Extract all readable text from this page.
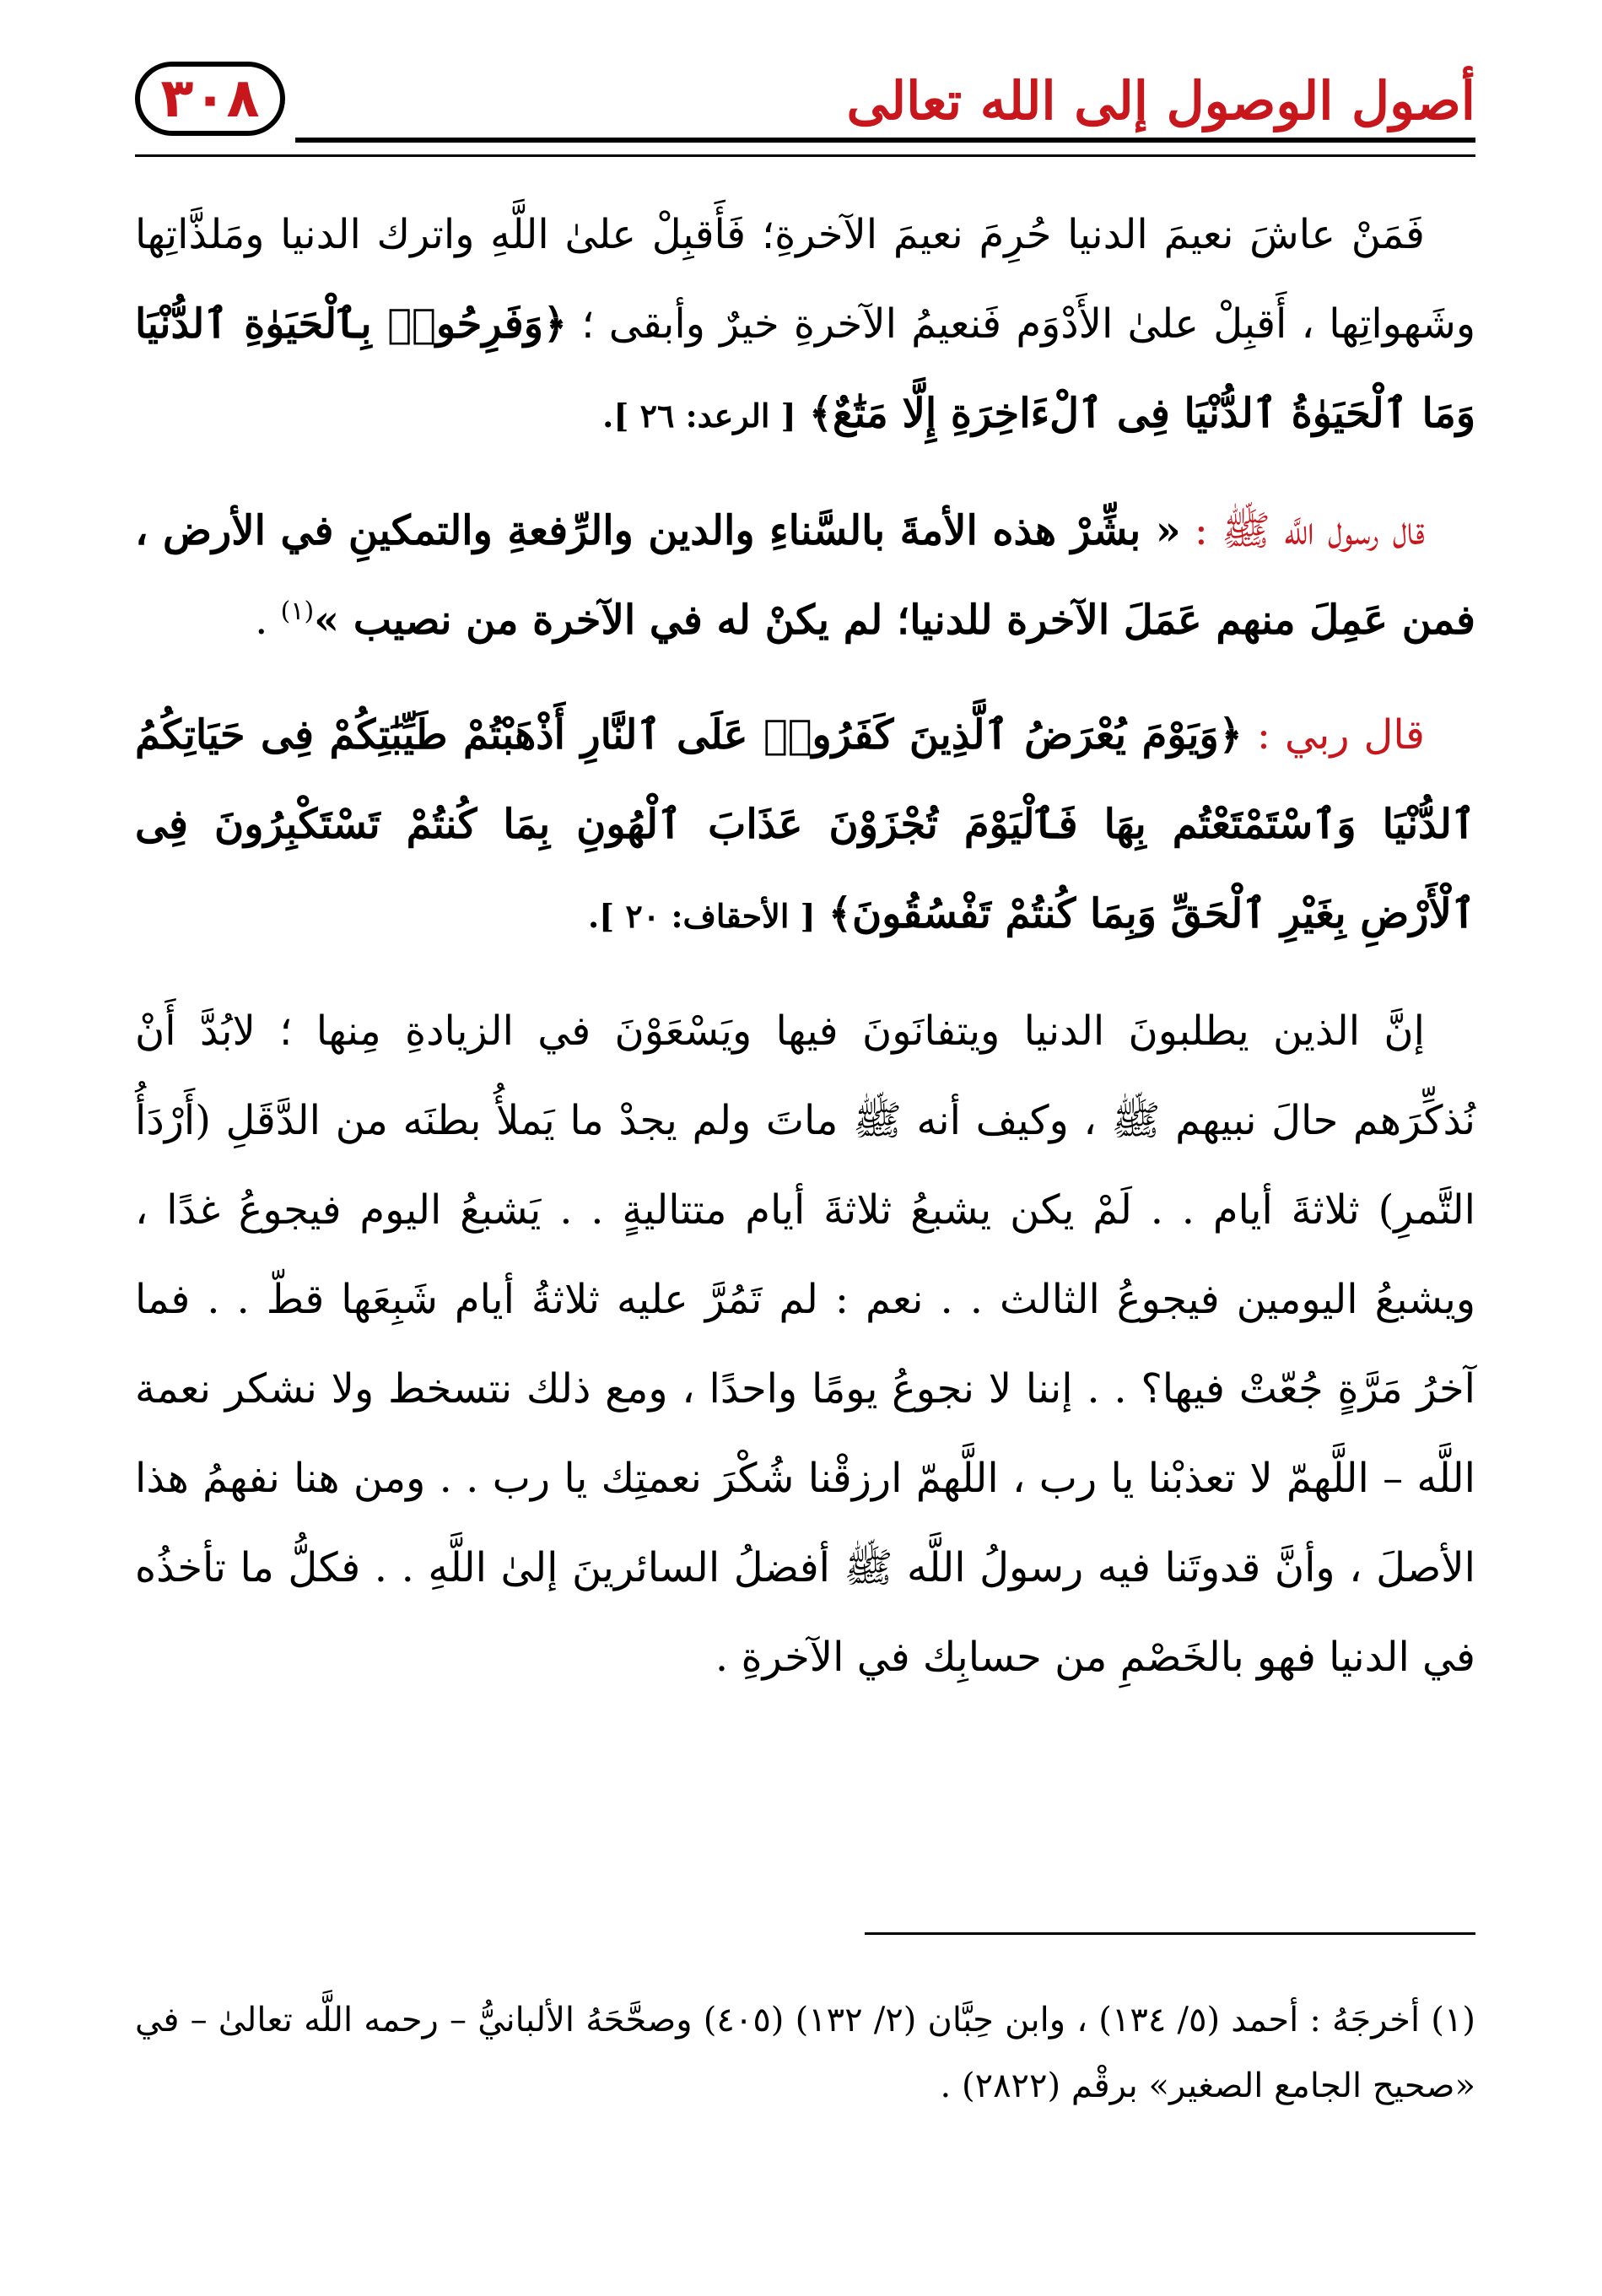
٣٠٨	أصول الوصول إلى الله تعالى

فَمَنْ عاشَ نعيمَ الدنيا حُرِمَ نعيمَ الآخرةِ؛ فَأَقبِلْ علىٰ اللَّهِ واترك الدنيا ومَلذَّاتِها وشَهواتِها ، أَقبِلْ علىٰ الأَدْوَم فَنعيمُ الآخرةِ خيرٌ وأبقى ؛ ﴿وَفَرِحُوا۟ بِٱلْحَيَوٰةِ ٱلدُّنْيَا وَمَا ٱلْحَيَوٰةُ ٱلدُّنْيَا فِى ٱلْءَاخِرَةِ إِلَّا مَتَٰعٌ﴾ [ الرعد: ٢٦ ].

قال رسول اللَّه ﷺ : « بشِّرْ هذه الأمةَ بالسَّناءِ والدين والرِّفعةِ والتمكينِ في الأرض ، فمن عَمِلَ منهم عَمَلَ الآخرة للدنيا؛ لم يكنْ له في الآخرة من نصيب »$^{(١)}$ .

قال ربي : ﴿وَيَوْمَ يُعْرَضُ ٱلَّذِينَ كَفَرُوا۟ عَلَى ٱلنَّارِ أَذْهَبْتُمْ طَيِّبَٰتِكُمْ فِى حَيَاتِكُمُ ٱلدُّنْيَا وَٱسْتَمْتَعْتُم بِهَا فَٱلْيَوْمَ تُجْزَوْنَ عَذَابَ ٱلْهُونِ بِمَا كُنتُمْ تَسْتَكْبِرُونَ فِى ٱلْأَرْضِ بِغَيْرِ ٱلْحَقِّ وَبِمَا كُنتُمْ تَفْسُقُونَ﴾ [ الأحقاف: ٢٠ ].

إنَّ الذين يطلبونَ الدنيا ويتفانَونَ فيها ويَسْعَوْنَ في الزيادةِ مِنها ؛ لابُدَّ أَنْ نُذكِّرَهم حالَ نبيهم ﷺ ، وكيف أنه ﷺ ماتَ ولم يجدْ ما يَملأُ بطنَه من الدَّقَلِ (أَرْدَأُ التَّمرِ) ثلاثةَ أيام . . لَمْ يكن يشبعُ ثلاثةَ أيام متتاليةٍ . . يَشبعُ اليوم فيجوعُ غدًا ، ويشبعُ اليومين فيجوعُ الثالث . . نعم : لم تَمُرَّ عليه ثلاثةُ أيام شَبِعَها قطّ . . فما آخرُ مَرَّةٍ جُعّتْ فيها؟ . . إننا لا نجوعُ يومًا واحدًا ، ومع ذلك نتسخط ولا نشكر نعمة اللَّه – اللَّهمّ لا تعذبْنا يا رب ، اللَّهمّ ارزقْنا شُكْرَ نعمتِك يا رب . . ومن هنا نفهمُ هذا الأصلَ ، وأنَّ قدوتَنا فيه رسولُ اللَّه ﷺ أفضلُ السائرينَ إلىٰ اللَّهِ . . فكلُّ ما تأخذُه في الدنيا فهو بالخَصْمِ من حسابِك في الآخرةِ .

(١) أخرجَهُ : أحمد (٥/ ١٣٤) ، وابن حِبَّان (٢/ ١٣٢) (٤٠٥) وصحَّحَهُ الألبانيُّ – رحمه اللَّه تعالىٰ – في «صحيح الجامع الصغير» برقْم (٢٨٢٢) .
